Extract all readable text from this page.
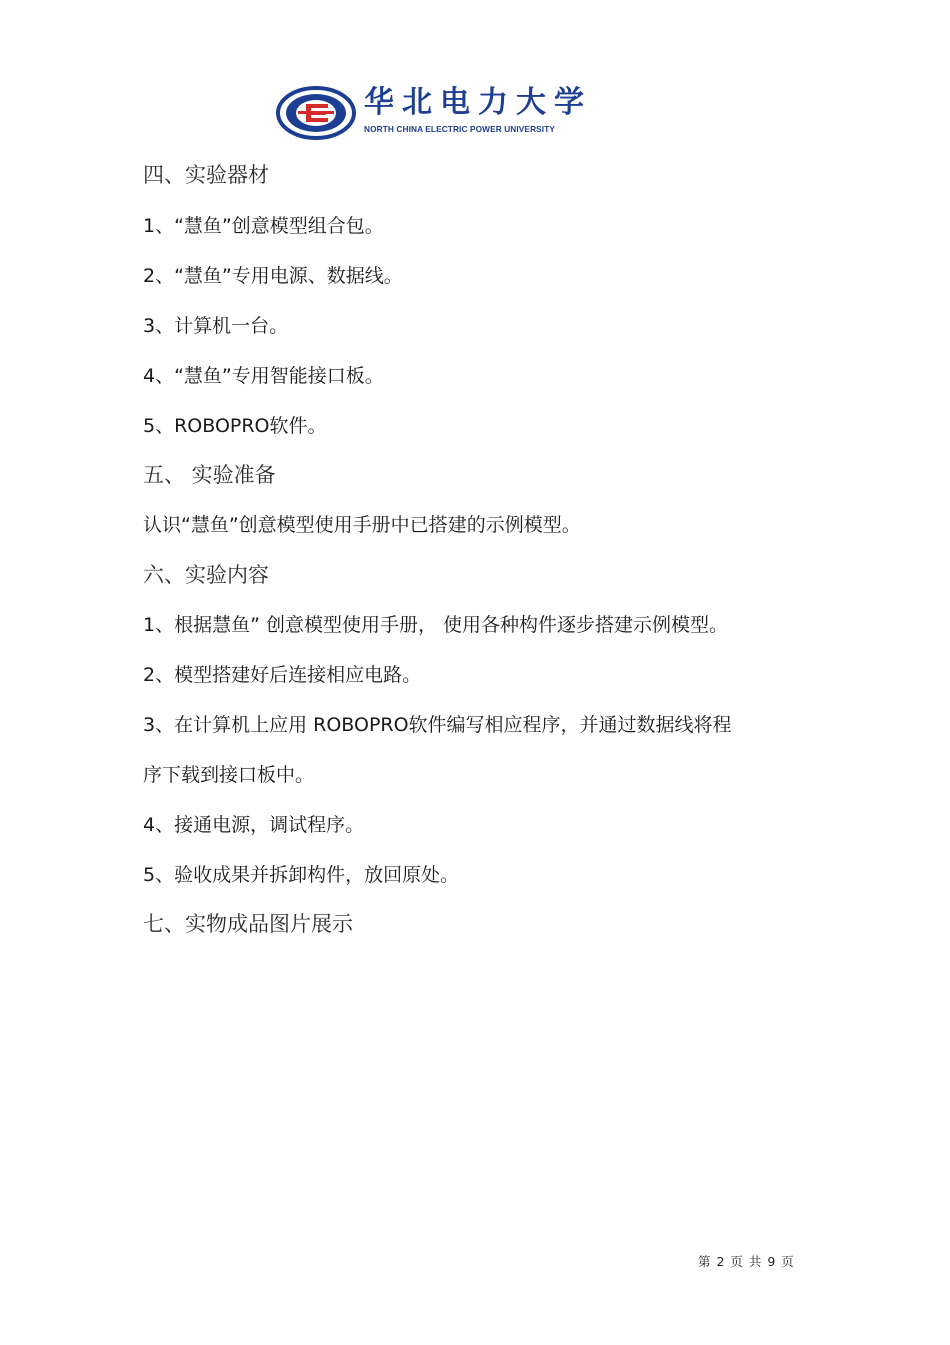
华北电力大学
NORTH CHINA ELECTRIC POWER UNIVERSITY
四、实验器材
1、“慧鱼”创意模型组合包。
2、“慧鱼”专用电源、数据线。
3、计算机一台。
4、“慧鱼”专用智能接口板。
5、ROBOPRO软件。
五、 实验准备
认识“慧鱼”创意模型使用手册中已搭建的示例模型。
六、实验内容
1、根据慧鱼” 创意模型使用手册， 使用各种构件逐步搭建示例模型。
2、模型搭建好后连接相应电路。
3、在计算机上应用 ROBOPRO软件编写相应程序，并通过数据线将程
序下载到接口板中。
4、接通电源，调试程序。
5、验收成果并拆卸构件，放回原处。
七、实物成品图片展示
第 2 页 共 9 页
